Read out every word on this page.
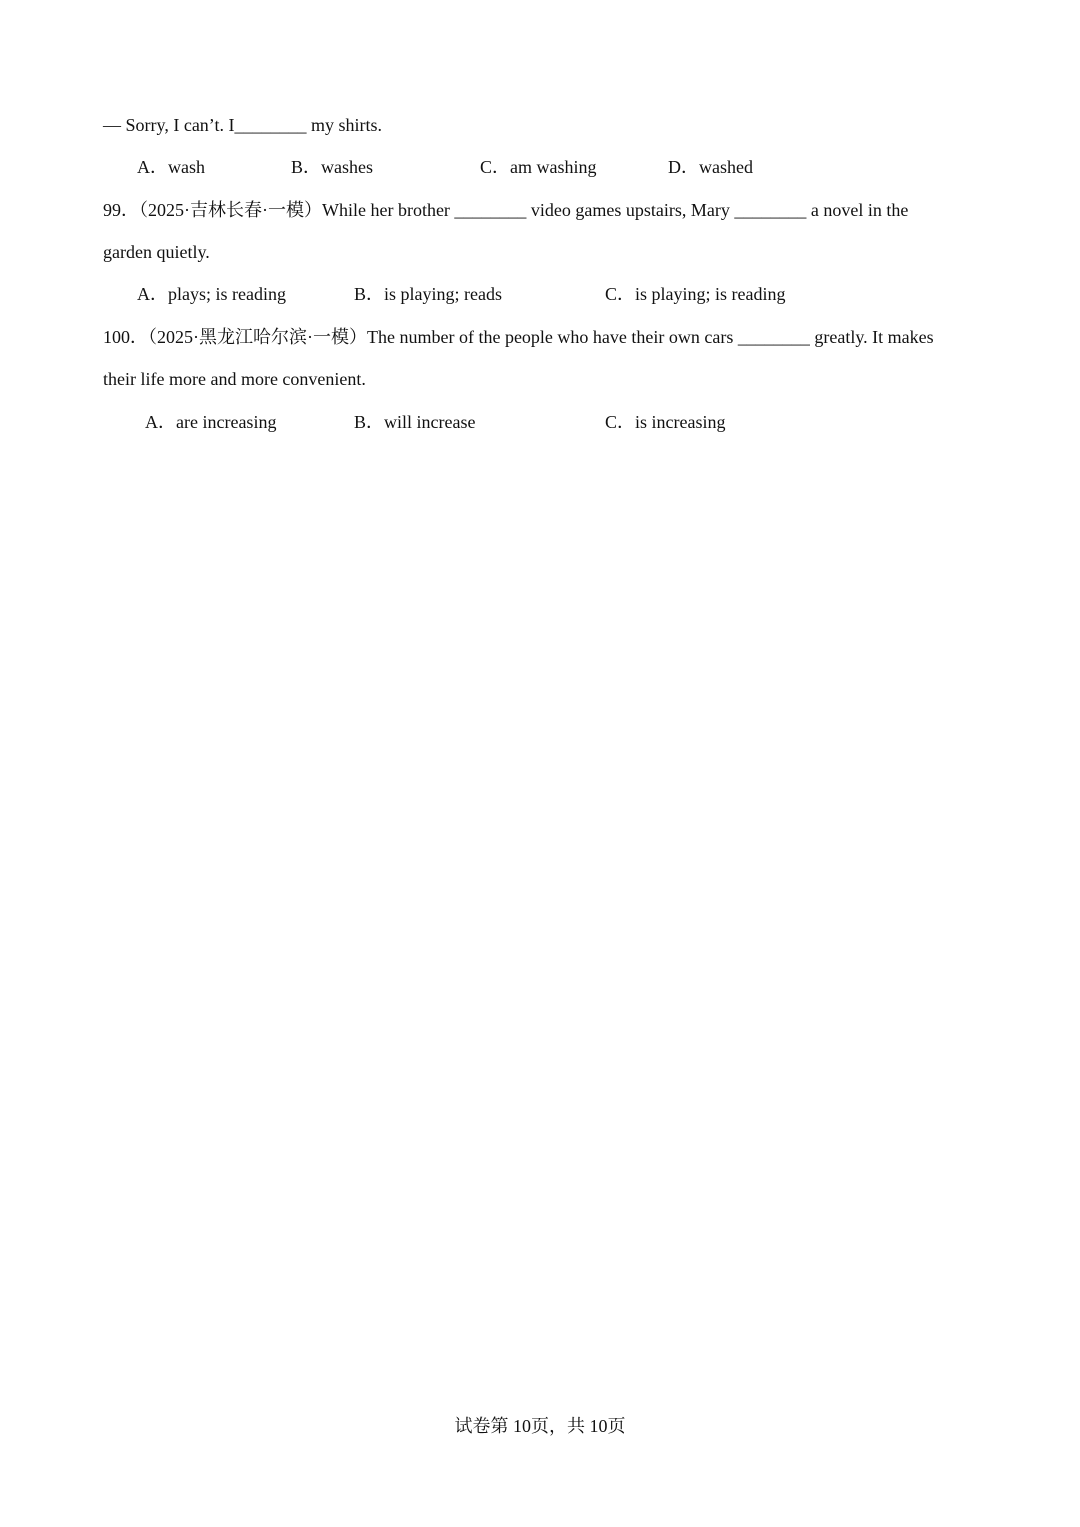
— Sorry, I can’t. I________ my shirts.
A．wash	B．washes	C．am washing	D．washed
99．（2025·吉林长春·一模）While her brother ________ video games upstairs, Mary ________ a novel in the
garden quietly.
A．plays; is reading	B．is playing; reads	C．is playing; is reading
100．（2025·黑龙江哈尔滨·一模）The number of the people who have their own cars ________ greatly. It makes
their life more and more convenient.
A．are increasing	B．will increase	C．is increasing
试卷第 10页，共 10页
